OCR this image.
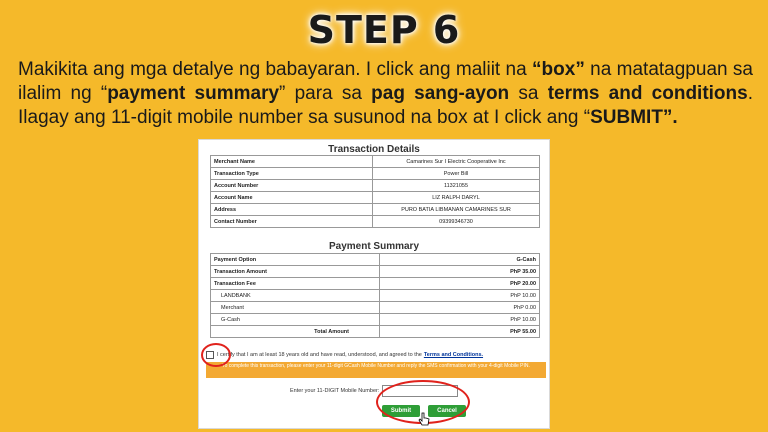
STEP 6
Makikita ang mga detalye ng babayaran. I click ang maliit na “box” na matatagpuan sa ilalim ng “payment summary” para sa pag sang-ayon sa terms and conditions. Ilagay ang 11-digit mobile number sa susunod na box at I click ang “SUBMIT”.
Transaction Details
Merchant Name	Camarines Sur I Electric Cooperative Inc
Transaction Type	Power Bill
Account Number	11321055
Account Name	LIZ RALPH DARYL
Address	PURO BATIA LIBMANAN CAMARINES SUR
Contact Number	09399346730
Payment Summary
Payment Option	G-Cash
Transaction Amount	PhP 35.00
Transaction Fee	PhP 20.00
LANDBANK	PhP 10.00
Merchant	PhP 0.00
G-Cash	PhP 10.00
Total Amount	PhP 55.00
I certify that I am at least 18 years old and have read, understood, and agreed to the Terms and Conditions.
To complete this transaction, please enter your 11-digit GCash Mobile Number and reply the SMS confirmation with your 4-digit Mobile PIN.
Enter your 11-DIGIT Mobile Number:
Submit	Cancel
